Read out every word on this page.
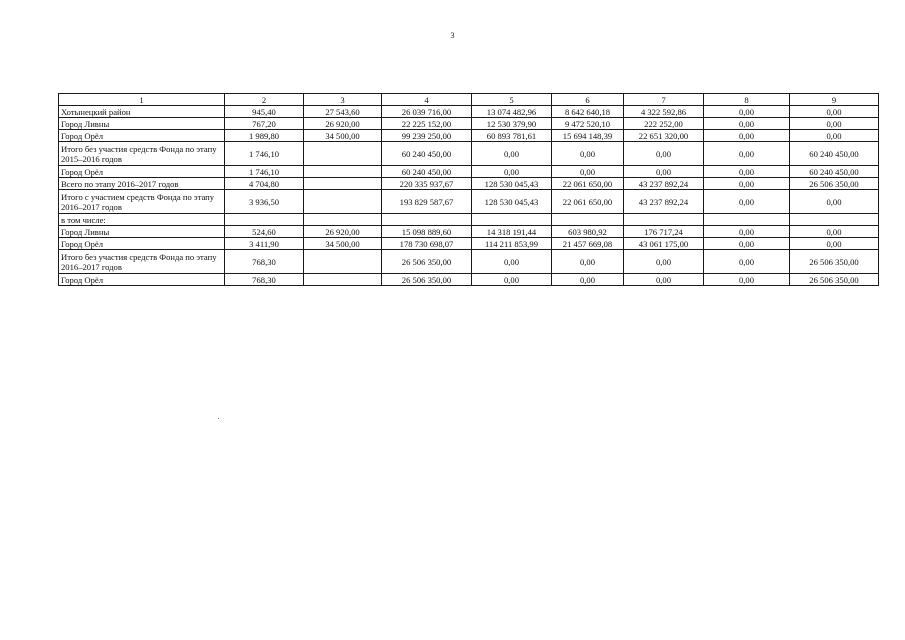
3
1	2	3	4	5	6	7	8	9
Хотынецкий район	945,40	27 543,60	26 039 716,00	13 074 482,96	8 642 640,18	4 322 592,86	0,00	0,00
Город Ливны	767,20	26 920,00	22 225 152,00	12 530 379,90	9 472 520,10	222 252,00	0,00	0,00
Город Орёл	1 989,80	34 500,00	99 239 250,00	60 893 781,61	15 694 148,39	22 651 320,00	0,00	0,00
Итого без участия средств Фонда по этапу 2015–2016 годов	1 746,10		60 240 450,00	0,00	0,00	0,00	0,00	60 240 450,00
Город Орёл	1 746,10		60 240 450,00	0,00	0,00	0,00	0,00	60 240 450,00
Всего по этапу 2016–2017 годов	4 704,80		220 335 937,67	128 530 045,43	22 061 650,00	43 237 892,24	0,00	26 506 350,00
Итого с участием средств Фонда по этапу 2016–2017 годов	3 936,50		193 829 587,67	128 530 045,43	22 061 650,00	43 237 892,24	0,00	0,00
в том числе:								
Город Ливны	524,60	26 920,00	15 098 889,60	14 318 191,44	603 980,92	176 717,24	0,00	0,00
Город Орёл	3 411,90	34 500,00	178 730 698,07	114 211 853,99	21 457 669,08	43 061 175,00	0,00	0,00
Итого без участия средств Фонда по этапу 2016–2017 годов	768,30		26 506 350,00	0,00	0,00	0,00	0,00	26 506 350,00
Город Орёл	768,30		26 506 350,00	0,00	0,00	0,00	0,00	26 506 350,00
